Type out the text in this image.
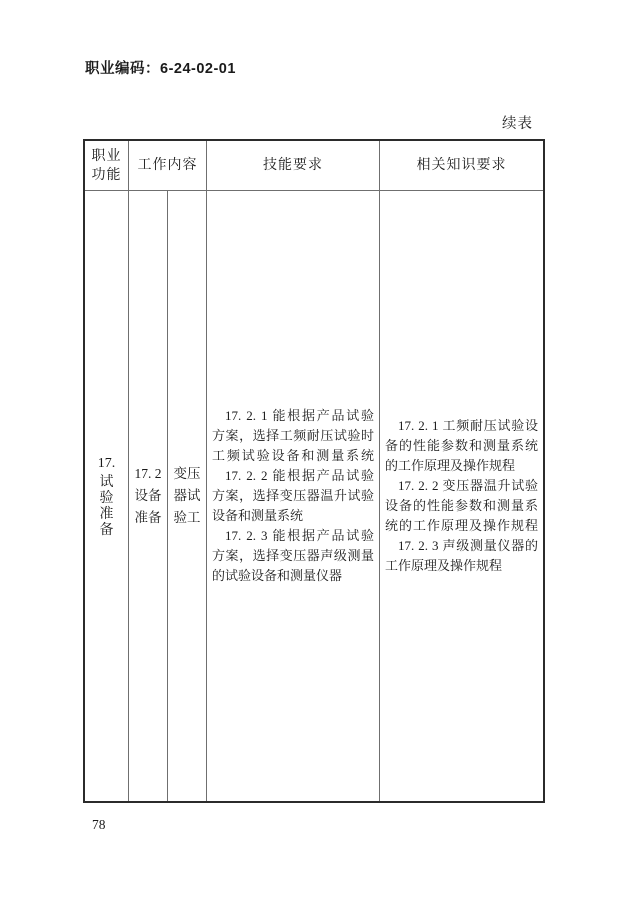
职业编码：6-24-02-01
续表
职业
功能
工作内容	技能要求	相关知识要求
17.
试
验
准
备
17. 2
设备
准备
变压
器试
验工
17. 2. 1 能根据产品试验
方案，选择工频耐压试验时
工频试验设备和测量系统
17. 2. 2 能根据产品试验
方案，选择变压器温升试验
设备和测量系统
17. 2. 3 能根据产品试验
方案，选择变压器声级测量
的试验设备和测量仪器
17. 2. 1 工频耐压试验设
备的性能参数和测量系统
的工作原理及操作规程
17. 2. 2 变压器温升试验
设备的性能参数和测量系
统的工作原理及操作规程
17. 2. 3 声级测量仪器的
工作原理及操作规程
78
